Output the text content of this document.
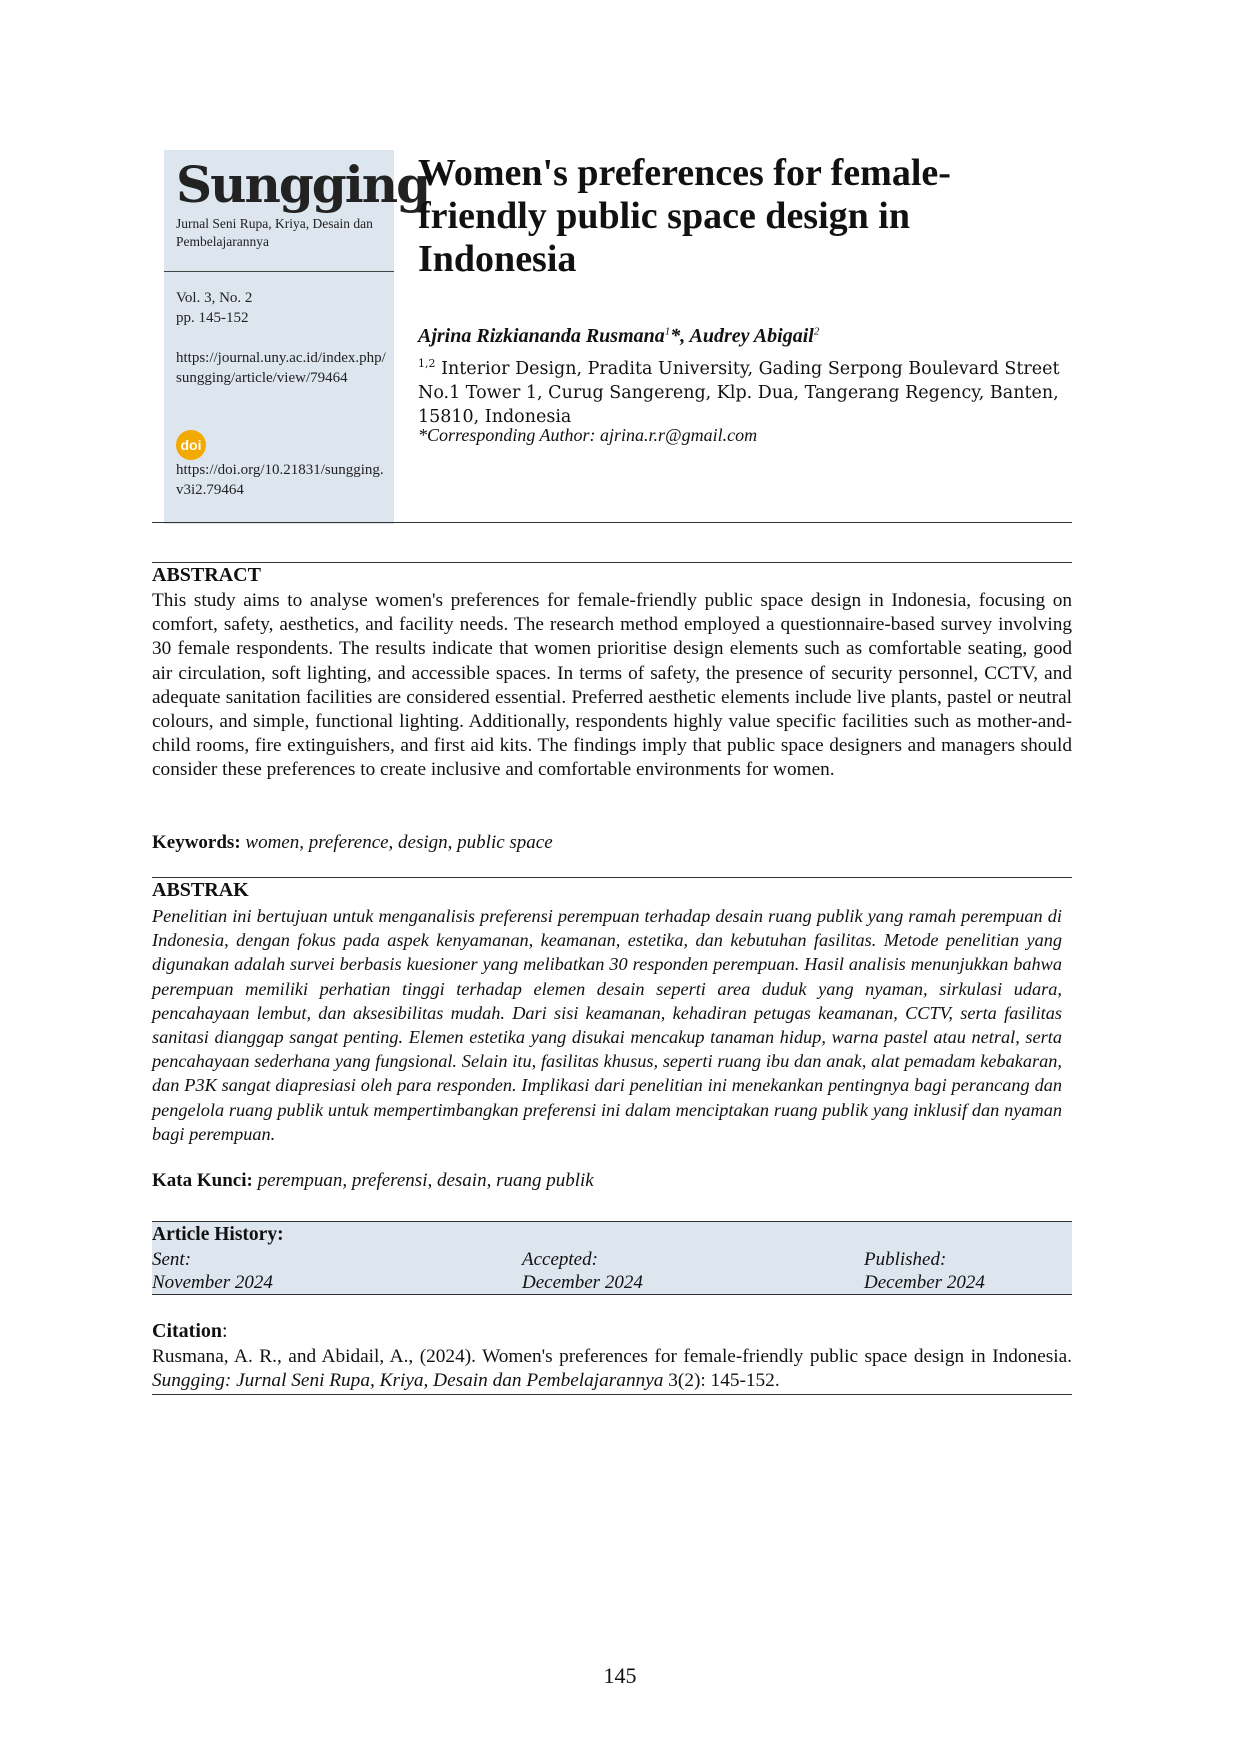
Sungging
Jurnal Seni Rupa, Kriya, Desain dan Pembelajarannya
Vol. 3, No. 2
pp. 145-152
https://journal.uny.ac.id/index.php/sungging/article/view/79464
doi
https://doi.org/10.21831/sungging.v3i2.79464
Women's preferences for female-friendly public space design in Indonesia
Ajrina Rizkiananda Rusmana$^1$*, Audrey Abigail$^2$
$^{1,2}$ Interior Design, Pradita University, Gading Serpong Boulevard Street No.1 Tower 1, Curug Sangereng, Klp. Dua, Tangerang Regency, Banten, 15810, Indonesia
*Corresponding Author: ajrina.r.r@gmail.com
ABSTRACT

This study aims to analyse women's preferences for female-friendly public space design in Indonesia, focusing on comfort, safety, aesthetics, and facility needs. The research method employed a questionnaire-based survey involving 30 female respondents. The results indicate that women prioritise design elements such as comfortable seating, good air circulation, soft lighting, and accessible spaces. In terms of safety, the presence of security personnel, CCTV, and adequate sanitation facilities are considered essential. Preferred aesthetic elements include live plants, pastel or neutral colours, and simple, functional lighting. Additionally, respondents highly value specific facilities such as mother-and-child rooms, fire extinguishers, and first aid kits. The findings imply that public space designers and managers should consider these preferences to create inclusive and comfortable environments for women.

Keywords: women, preference, design, public space
ABSTRAK

Penelitian ini bertujuan untuk menganalisis preferensi perempuan terhadap desain ruang publik yang ramah perempuan di Indonesia, dengan fokus pada aspek kenyamanan, keamanan, estetika, dan kebutuhan fasilitas. Metode penelitian yang digunakan adalah survei berbasis kuesioner yang melibatkan 30 responden perempuan. Hasil analisis menunjukkan bahwa perempuan memiliki perhatian tinggi terhadap elemen desain seperti area duduk yang nyaman, sirkulasi udara, pencahayaan lembut, dan aksesibilitas mudah. Dari sisi keamanan, kehadiran petugas keamanan, CCTV, serta fasilitas sanitasi dianggap sangat penting. Elemen estetika yang disukai mencakup tanaman hidup, warna pastel atau netral, serta pencahayaan sederhana yang fungsional. Selain itu, fasilitas khusus, seperti ruang ibu dan anak, alat pemadam kebakaran, dan P3K sangat diapresiasi oleh para responden. Implikasi dari penelitian ini menekankan pentingnya bagi perancang dan pengelola ruang publik untuk mempertimbangkan preferensi ini dalam menciptakan ruang publik yang inklusif dan nyaman bagi perempuan.

Kata Kunci: perempuan, preferensi, desain, ruang publik
Article History:
Sent:
November 2024
Accepted:
December 2024
Published:
December 2024
Citation:

Rusmana, A. R., and Abidail, A., (2024). Women's preferences for female-friendly public space design in Indonesia. Sungging: Jurnal Seni Rupa, Kriya, Desain dan Pembelajarannya 3(2): 145-152.

145
